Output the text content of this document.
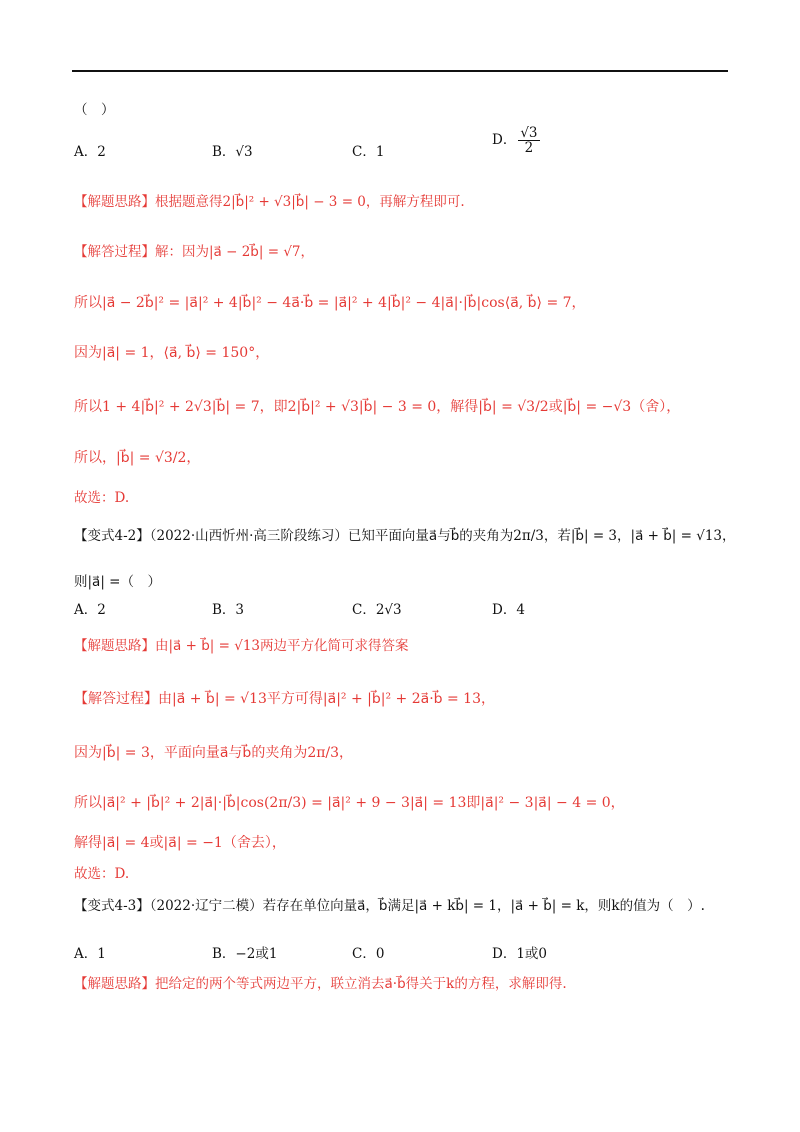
（　）
A．2	B．√3	C．1
D． $\frac{√3}{2}$
【解题思路】根据题意得2|b⃗|² + √3|b⃗| − 3 = 0，再解方程即可.
【解答过程】解：因为|a⃗ − 2b⃗| = √7，
所以|a⃗ − 2b⃗|² = |a⃗|² + 4|b⃗|² − 4a⃗·b⃗ = |a⃗|² + 4|b⃗|² − 4|a⃗|·|b⃗|cos⟨a⃗, b⃗⟩ = 7，
因为|a⃗| = 1，⟨a⃗, b⃗⟩ = 150°，
所以1 + 4|b⃗|² + 2√3|b⃗| = 7，即2|b⃗|² + √3|b⃗| − 3 = 0，解得|b⃗| = √3/2或|b⃗| = −√3（舍），
所以，|b⃗| = √3/2，
故选：D.
【变式4-2】（2022·山西忻州·高三阶段练习）已知平面向量a⃗与b⃗的夹角为2π/3，若|b⃗| = 3，|a⃗ + b⃗| = √13，
则|a⃗| =（　）
A．2	B．3	C．2√3	D．4
【解题思路】由|a⃗ + b⃗| = √13两边平方化简可求得答案
【解答过程】由|a⃗ + b⃗| = √13平方可得|a⃗|² + |b⃗|² + 2a⃗·b⃗ = 13，
因为|b⃗| = 3，平面向量a⃗与b⃗的夹角为2π/3，
所以|a⃗|² + |b⃗|² + 2|a⃗|·|b⃗|cos(2π/3) = |a⃗|² + 9 − 3|a⃗| = 13即|a⃗|² − 3|a⃗| − 4 = 0，
解得|a⃗| = 4或|a⃗| = −1（舍去），
故选：D.
【变式4-3】（2022·辽宁二模）若存在单位向量a⃗，b⃗满足|a⃗ + kb⃗| = 1，|a⃗ + b⃗| = k，则k的值为（　）.
A．1	B．−2或1	C．0	D．1或0
【解题思路】把给定的两个等式两边平方，联立消去a⃗·b⃗得关于k的方程，求解即得.
